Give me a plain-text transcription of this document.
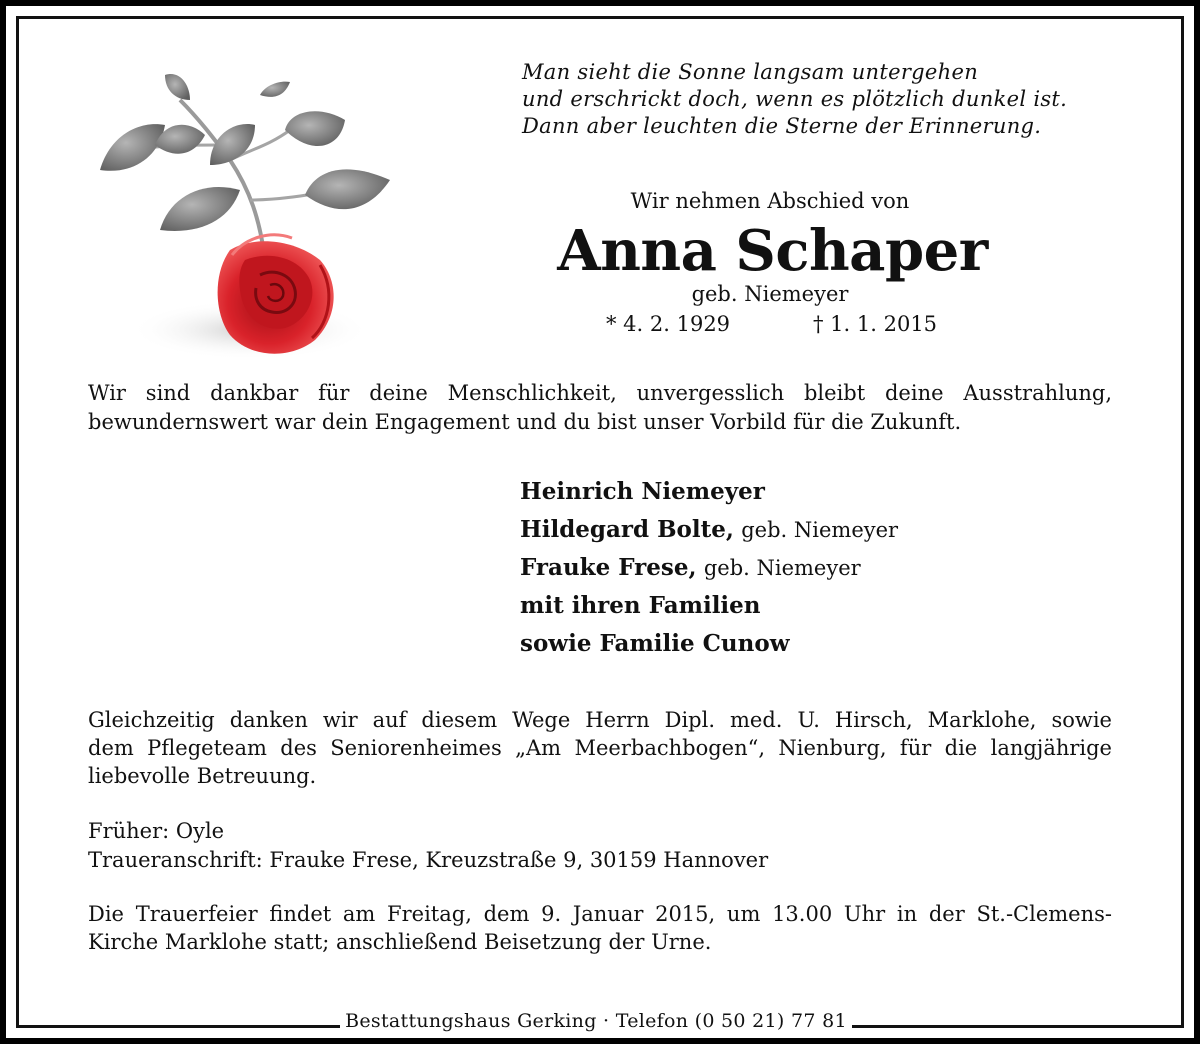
Man sieht die Sonne langsam untergehen
und erschrickt doch, wenn es plötzlich dunkel ist.
Dann aber leuchten die Sterne der Erinnerung.
Wir nehmen Abschied von
Anna Schaper
geb. Niemeyer
* 4. 2. 1929	† 1. 1. 2015
Wir sind dankbar für deine Menschlichkeit, unvergesslich bleibt deine Ausstrahlung,
bewundernswert war dein Engagement und du bist unser Vorbild für die Zukunft.
Heinrich Niemeyer
Hildegard Bolte, geb. Niemeyer
Frauke Frese, geb. Niemeyer
mit ihren Familien
sowie Familie Cunow
Gleichzeitig danken wir auf diesem Wege Herrn Dipl. med. U. Hirsch, Marklohe, sowie
dem Pflegeteam des Seniorenheimes „Am Meerbachbogen“, Nienburg, für die langjährige
liebevolle Betreuung.
Früher: Oyle
Traueranschrift: Frauke Frese, Kreuzstraße 9, 30159 Hannover
Die Trauerfeier findet am Freitag, dem 9. Januar 2015, um 13.00 Uhr in der St.-Clemens-
Kirche Marklohe statt; anschließend Beisetzung der Urne.
Bestattungshaus Gerking · Telefon (0 50 21) 77 81
